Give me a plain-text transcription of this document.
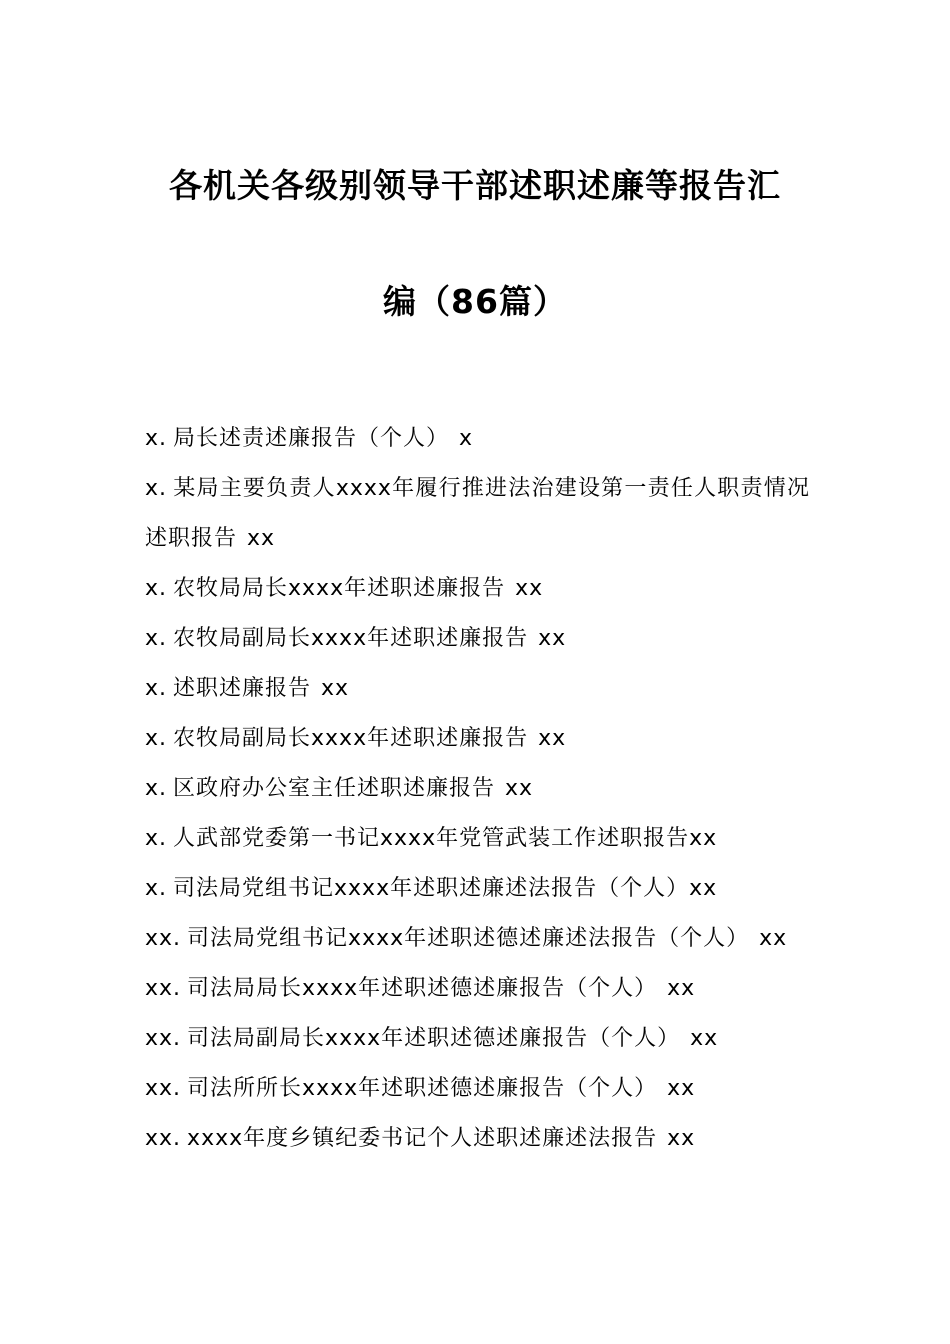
各机关各级别领导干部述职述廉等报告汇
编（86篇）
x. 局长述责述廉报告（个人） x
x. 某局主要负责人xxxx年履行推进法治建设第一责任人职责情况述职报告 xx
x. 农牧局局长xxxx年述职述廉报告 xx
x. 农牧局副局长xxxx年述职述廉报告 xx
x. 述职述廉报告 xx
x. 农牧局副局长xxxx年述职述廉报告 xx
x. 区政府办公室主任述职述廉报告 xx
x. 人武部党委第一书记xxxx年党管武装工作述职报告xx
x. 司法局党组书记xxxx年述职述廉述法报告（个人）xx
xx. 司法局党组书记xxxx年述职述德述廉述法报告（个人） xx
xx. 司法局局长xxxx年述职述德述廉报告（个人） xx
xx. 司法局副局长xxxx年述职述德述廉报告（个人） xx
xx. 司法所所长xxxx年述职述德述廉报告（个人） xx
xx. xxxx年度乡镇纪委书记个人述职述廉述法报告 xx
